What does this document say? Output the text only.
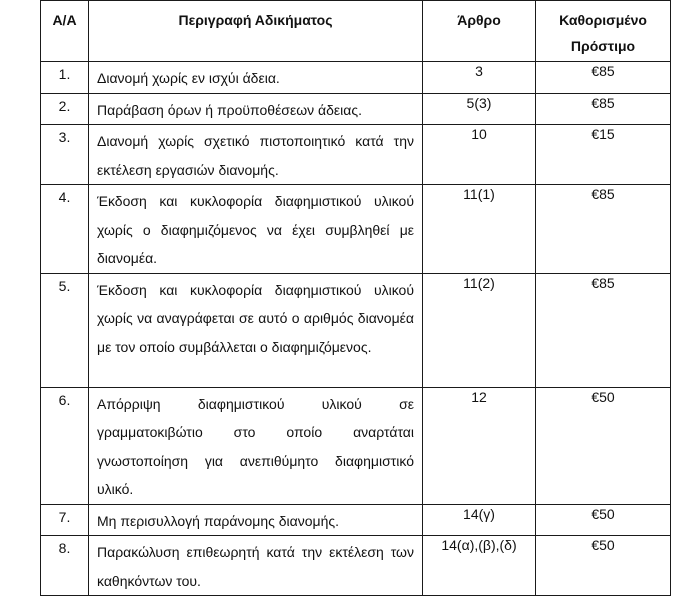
Α/Α	Περιγραφή Αδικήματος	Άρθρο	Καθορισμένο Πρόστιμο

1.	Διανομή χωρίς εν ισχύι άδεια.	3	€85
2.	Παράβαση όρων ή προϋποθέσεων άδειας.	5(3)	€85
3.	Διανομή χωρίς σχετικό πιστοποιητικό κατά την εκτέλεση εργασιών διανομής.	10	€15
4.	Έκδοση και κυκλοφορία διαφημιστικού υλικού χωρίς ο διαφημιζόμενος να έχει συμβληθεί με διανομέα.	11(1)	€85
5.	Έκδοση και κυκλοφορία διαφημιστικού υλικού χωρίς να αναγράφεται σε αυτό ο αριθμός διανομέα με τον οποίο συμβάλλεται ο διαφημιζόμενος.	11(2)	€85
6.	Απόρριψη διαφημιστικού υλικού σε γραμματοκιβώτιο στο οποίο αναρτάται γνωστοποίηση για ανεπιθύμητο διαφημιστικό υλικό.	12	€50
7.	Μη περισυλλογή παράνομης διανομής.	14(γ)	€50
8.	Παρακώλυση επιθεωρητή κατά την εκτέλεση των καθηκόντων του.	14(α),(β),(δ)	€50
